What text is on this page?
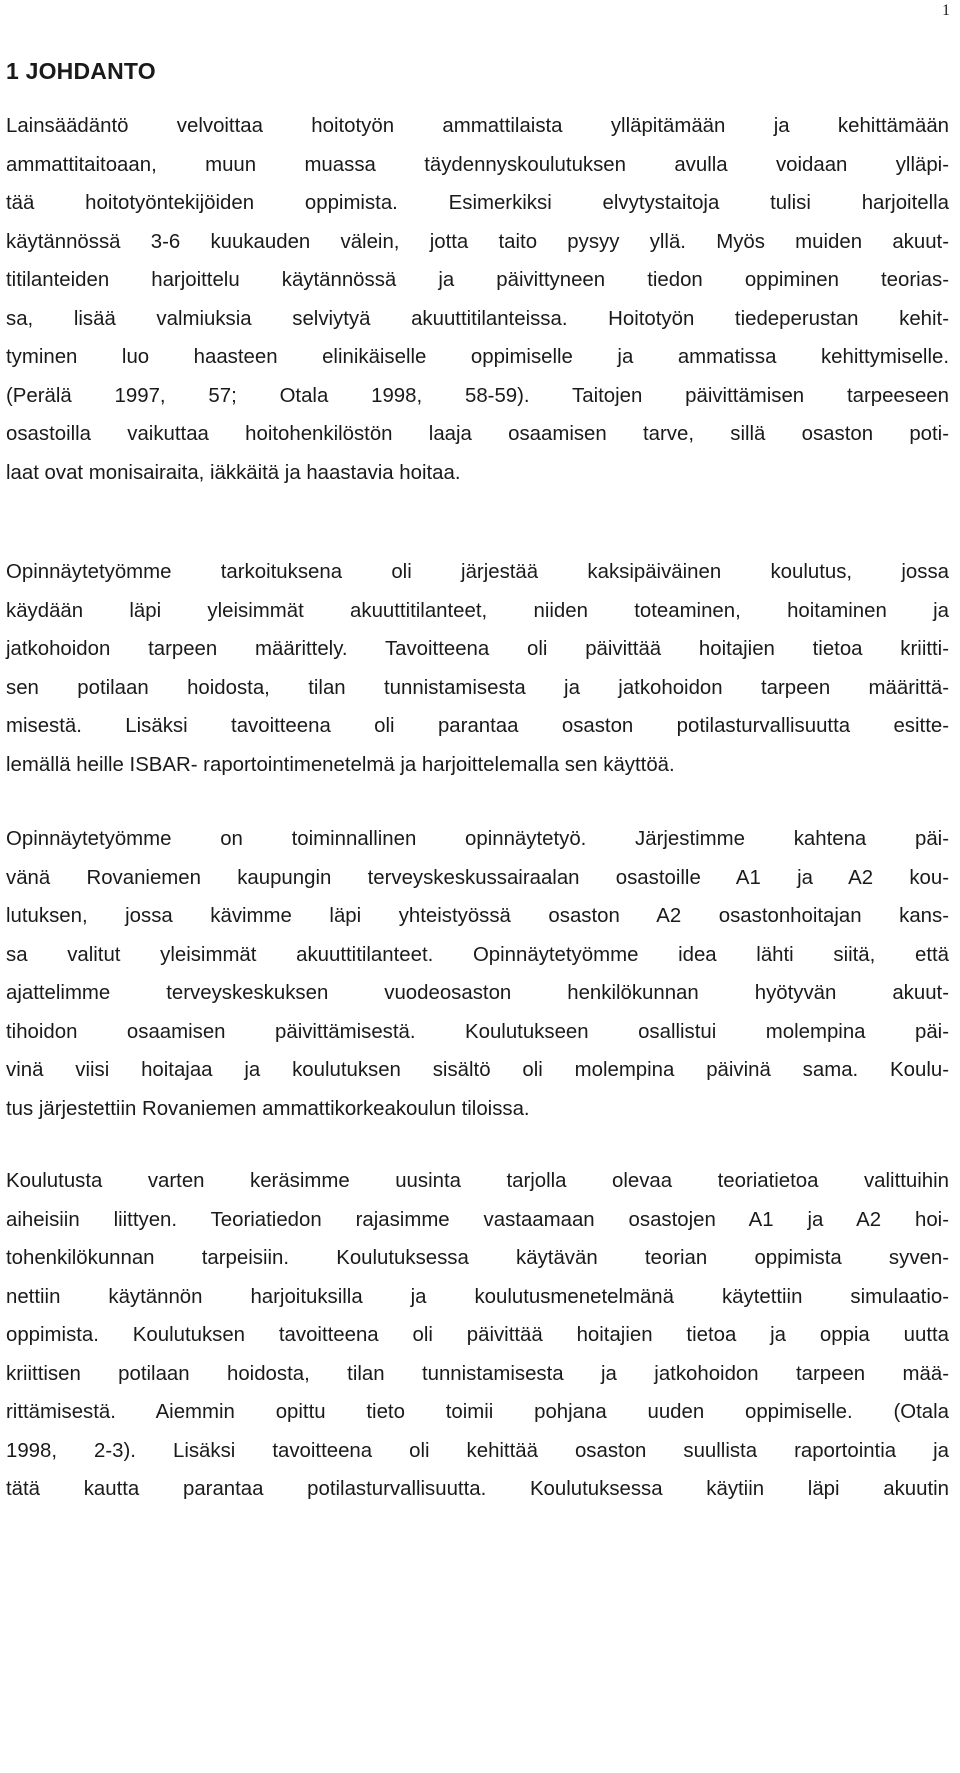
1
1 JOHDANTO
Lainsäädäntö velvoittaa hoitotyön ammattilaista ylläpitämään ja kehittämään
ammattitaitoaan, muun muassa täydennyskoulutuksen avulla voidaan ylläpi-
tää hoitotyöntekijöiden oppimista. Esimerkiksi elvytystaitoja tulisi harjoitella
käytännössä 3-6 kuukauden välein, jotta taito pysyy yllä. Myös muiden akuut-
titilanteiden harjoittelu käytännössä ja päivittyneen tiedon oppiminen teorias-
sa, lisää valmiuksia selviytyä akuuttitilanteissa. Hoitotyön tiedeperustan kehit-
tyminen luo haasteen elinikäiselle oppimiselle ja ammatissa kehittymiselle.
(Perälä 1997, 57; Otala 1998, 58-59). Taitojen päivittämisen tarpeeseen
osastoilla vaikuttaa hoitohenkilöstön laaja osaamisen tarve, sillä osaston poti-
laat ovat monisairaita, iäkkäitä ja haastavia hoitaa.
Opinnäytetyömme tarkoituksena oli järjestää kaksipäiväinen koulutus, jossa
käydään läpi yleisimmät akuuttitilanteet, niiden toteaminen, hoitaminen ja
jatkohoidon tarpeen määrittely. Tavoitteena oli päivittää hoitajien tietoa kriitti-
sen potilaan hoidosta, tilan tunnistamisesta ja jatkohoidon tarpeen määrittä-
misestä. Lisäksi tavoitteena oli parantaa osaston potilasturvallisuutta esitte-
lemällä heille ISBAR- raportointimenetelmä ja harjoittelemalla sen käyttöä.
Opinnäytetyömme on toiminnallinen opinnäytetyö. Järjestimme kahtena päi-
vänä Rovaniemen kaupungin terveyskeskussairaalan osastoille A1 ja A2 kou-
lutuksen, jossa kävimme läpi yhteistyössä osaston A2 osastonhoitajan kans-
sa valitut yleisimmät akuuttitilanteet. Opinnäytetyömme idea lähti siitä, että
ajattelimme terveyskeskuksen vuodeosaston henkilökunnan hyötyvän akuut-
tihoidon osaamisen päivittämisestä. Koulutukseen osallistui molempina päi-
vinä viisi hoitajaa ja koulutuksen sisältö oli molempina päivinä sama. Koulu-
tus järjestettiin Rovaniemen ammattikorkeakoulun tiloissa.
Koulutusta varten keräsimme uusinta tarjolla olevaa teoriatietoa valittuihin
aiheisiin liittyen. Teoriatiedon rajasimme vastaamaan osastojen A1 ja A2 hoi-
tohenkilökunnan tarpeisiin. Koulutuksessa käytävän teorian oppimista syven-
nettiin käytännön harjoituksilla ja koulutusmenetelmänä käytettiin simulaatio-
oppimista. Koulutuksen tavoitteena oli päivittää hoitajien tietoa ja oppia uutta
kriittisen potilaan hoidosta, tilan tunnistamisesta ja jatkohoidon tarpeen mää-
rittämisestä. Aiemmin opittu tieto toimii pohjana uuden oppimiselle. (Otala
1998, 2-3). Lisäksi tavoitteena oli kehittää osaston suullista raportointia ja
tätä kautta parantaa potilasturvallisuutta. Koulutuksessa käytiin läpi akuutin
